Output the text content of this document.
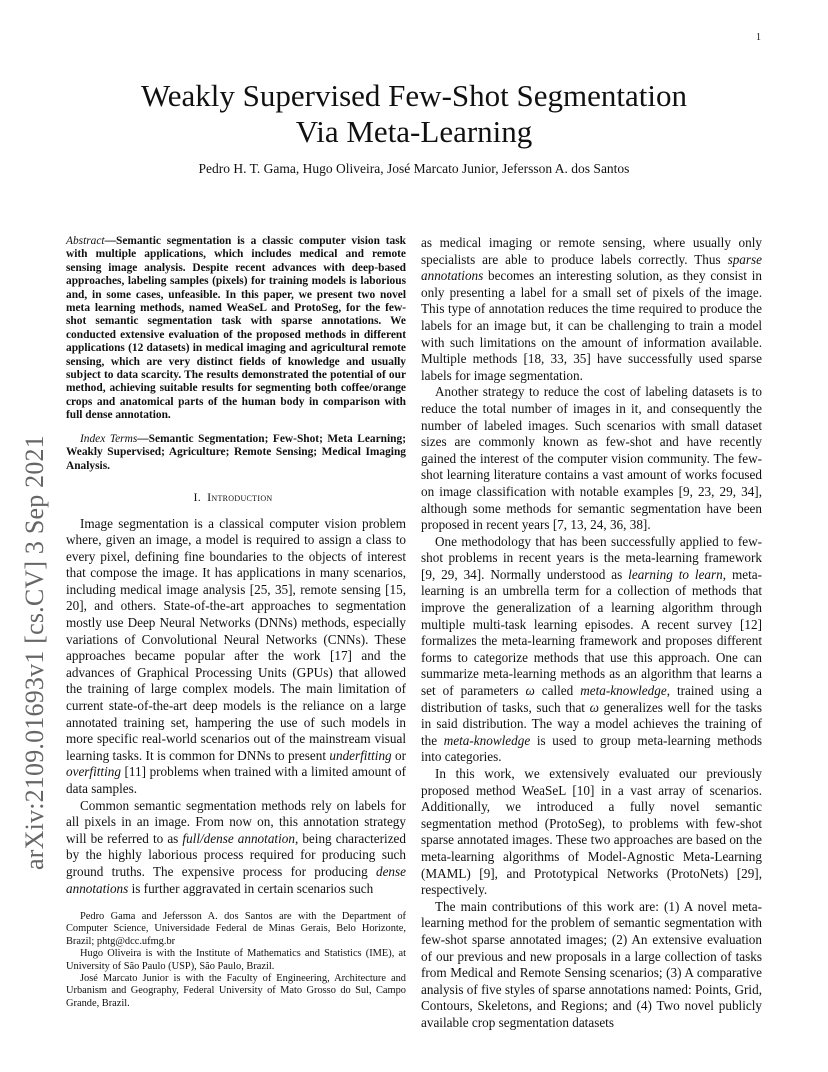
1
arXiv:2109.01693v1 [cs.CV] 3 Sep 2021
Weakly Supervised Few-Shot Segmentation
Via Meta-Learning
Pedro H. T. Gama, Hugo Oliveira, José Marcato Junior, Jefersson A. dos Santos

Abstract—Semantic segmentation is a classic computer vision task with multiple applications, which includes medical and remote sensing image analysis. Despite recent advances with deep-based approaches, labeling samples (pixels) for training models is laborious and, in some cases, unfeasible. In this paper, we present two novel meta learning methods, named WeaSeL and ProtoSeg, for the few-shot semantic segmentation task with sparse annotations. We conducted extensive evaluation of the proposed methods in different applications (12 datasets) in medical imaging and agricultural remote sensing, which are very distinct fields of knowledge and usually subject to data scarcity. The results demonstrated the potential of our method, achieving suitable results for segmenting both coffee/orange crops and anatomical parts of the human body in comparison with full dense annotation.

Index Terms—Semantic Segmentation; Few-Shot; Meta Learning; Weakly Supervised; Agriculture; Remote Sensing; Medical Imaging Analysis.

I. Introduction

Image segmentation is a classical computer vision problem where, given an image, a model is required to assign a class to every pixel, defining fine boundaries to the objects of interest that compose the image. It has applications in many scenarios, including medical image analysis [25, 35], remote sensing [15, 20], and others. State-of-the-art approaches to segmentation mostly use Deep Neural Networks (DNNs) methods, especially variations of Convolutional Neural Networks (CNNs). These approaches became popular after the work [17] and the advances of Graphical Processing Units (GPUs) that allowed the training of large complex models. The main limitation of current state-of-the-art deep models is the reliance on a large annotated training set, hampering the use of such models in more specific real-world scenarios out of the mainstream visual learning tasks. It is common for DNNs to present underfitting or overfitting [11] problems when trained with a limited amount of data samples.

Common semantic segmentation methods rely on labels for all pixels in an image. From now on, this annotation strategy will be referred to as full/dense annotation, being characterized by the highly laborious process required for producing such ground truths. The expensive process for producing dense annotations is further aggravated in certain scenarios such

Pedro Gama and Jefersson A. dos Santos are with the Department of Computer Science, Universidade Federal de Minas Gerais, Belo Horizonte, Brazil; phtg@dcc.ufmg.br

Hugo Oliveira is with the Institute of Mathematics and Statistics (IME), at University of São Paulo (USP), São Paulo, Brazil.

José Marcato Junior is with the Faculty of Engineering, Architecture and Urbanism and Geography, Federal University of Mato Grosso do Sul, Campo Grande, Brazil.

as medical imaging or remote sensing, where usually only specialists are able to produce labels correctly. Thus sparse annotations becomes an interesting solution, as they consist in only presenting a label for a small set of pixels of the image. This type of annotation reduces the time required to produce the labels for an image but, it can be challenging to train a model with such limitations on the amount of information available. Multiple methods [18, 33, 35] have successfully used sparse labels for image segmentation.

Another strategy to reduce the cost of labeling datasets is to reduce the total number of images in it, and consequently the number of labeled images. Such scenarios with small dataset sizes are commonly known as few-shot and have recently gained the interest of the computer vision community. The few-shot learning literature contains a vast amount of works focused on image classification with notable examples [9, 23, 29, 34], although some methods for semantic segmentation have been proposed in recent years [7, 13, 24, 36, 38].

One methodology that has been successfully applied to few-shot problems in recent years is the meta-learning framework [9, 29, 34]. Normally understood as learning to learn, meta-learning is an umbrella term for a collection of methods that improve the generalization of a learning algorithm through multiple multi-task learning episodes. A recent survey [12] formalizes the meta-learning framework and proposes different forms to categorize methods that use this approach. One can summarize meta-learning methods as an algorithm that learns a set of parameters ω called meta-knowledge, trained using a distribution of tasks, such that ω generalizes well for the tasks in said distribution. The way a model achieves the training of the meta-knowledge is used to group meta-learning methods into categories.

In this work, we extensively evaluated our previously proposed method WeaSeL [10] in a vast array of scenarios. Additionally, we introduced a fully novel semantic segmentation method (ProtoSeg), to problems with few-shot sparse annotated images. These two approaches are based on the meta-learning algorithms of Model-Agnostic Meta-Learning (MAML) [9], and Prototypical Networks (ProtoNets) [29], respectively.

The main contributions of this work are: (1) A novel meta-learning method for the problem of semantic segmentation with few-shot sparse annotated images; (2) An extensive evaluation of our previous and new proposals in a large collection of tasks from Medical and Remote Sensing scenarios; (3) A comparative analysis of five styles of sparse annotations named: Points, Grid, Contours, Skeletons, and Regions; and (4) Two novel publicly available crop segmentation datasets
